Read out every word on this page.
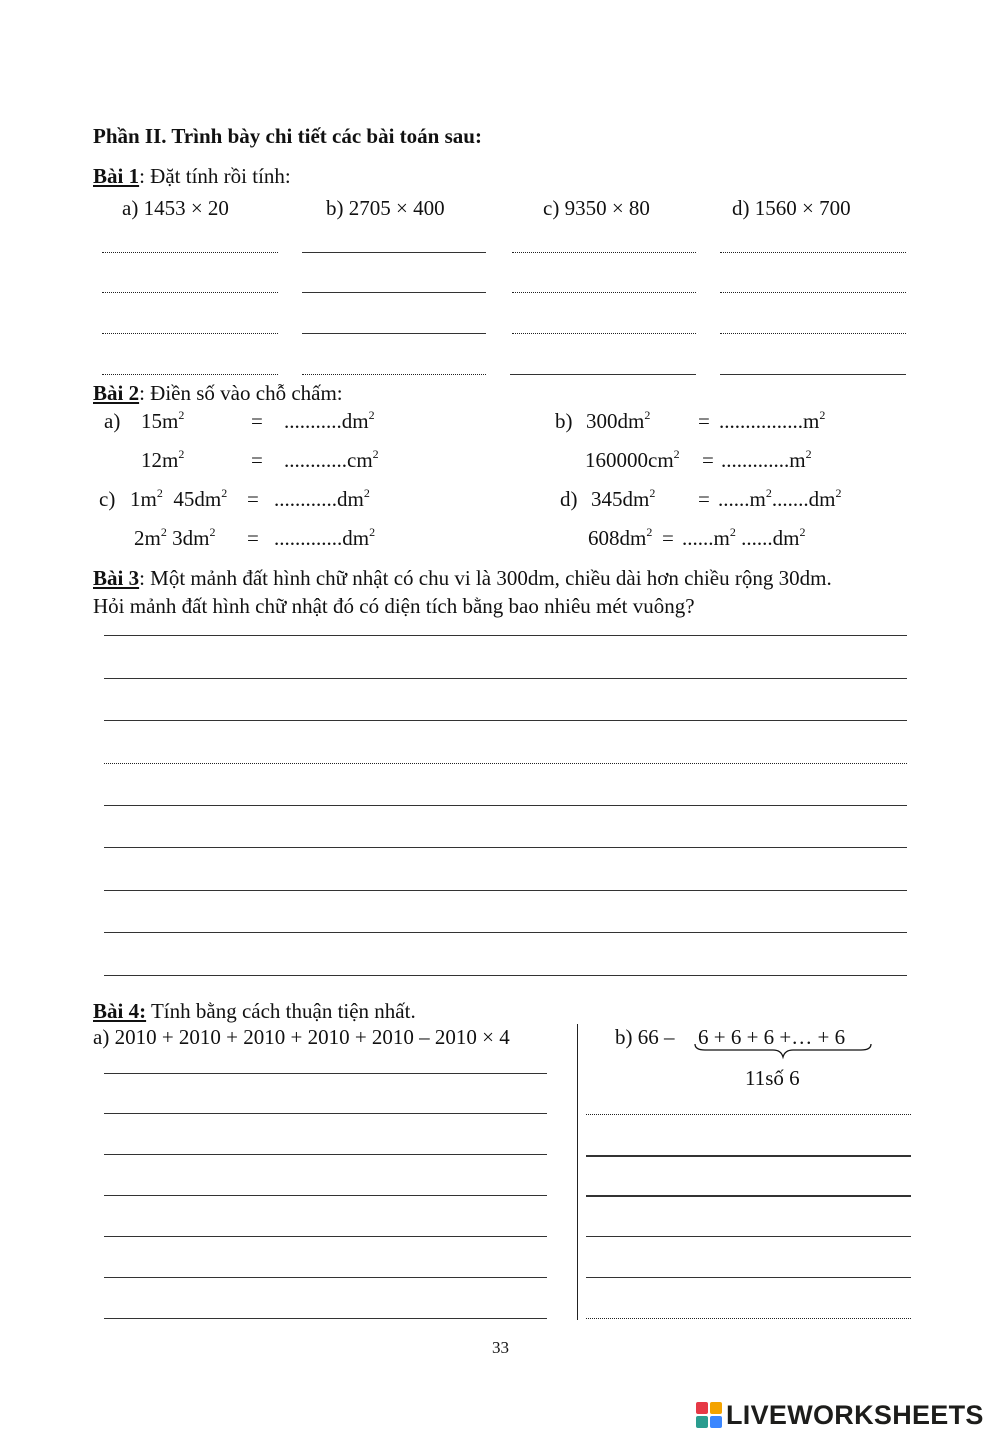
Phần II. Trình bày chi tiết các bài toán sau:
Bài 1: Đặt tính rồi tính:
a) 1453 × 20	b) 2705 × 400	c) 9350 × 80	d) 1560 × 700
Bài 2: Điền số vào chỗ chấm:
a) $15m^2$	= $...........dm^2$
$12m^2$	= $............cm^2$
b) $300dm^2 = ................m^2$
$160000cm^2 = .............m^2$
c) $1m^2$ $45dm^2 = ............dm^2$
$2m^2$ $3dm^2 = .............dm^2$
d) $345dm^2 = ......m^2.......dm^2$
$608dm^2 = ......m^2$ $......dm^2$
Bài 3: Một mảnh đất hình chữ nhật có chu vi là 300dm, chiều dài hơn chiều rộng 30dm.
Hỏi mảnh đất hình chữ nhật đó có diện tích bằng bao nhiêu mét vuông?
Bài 4: Tính bằng cách thuận tiện nhất.
a) 2010 + 2010 + 2010 + 2010 + 2010 – 2010 × 4	b) 66 – 6 + 6 + 6 +… + 6
11số 6
33
LIVEWORKSHEETS
